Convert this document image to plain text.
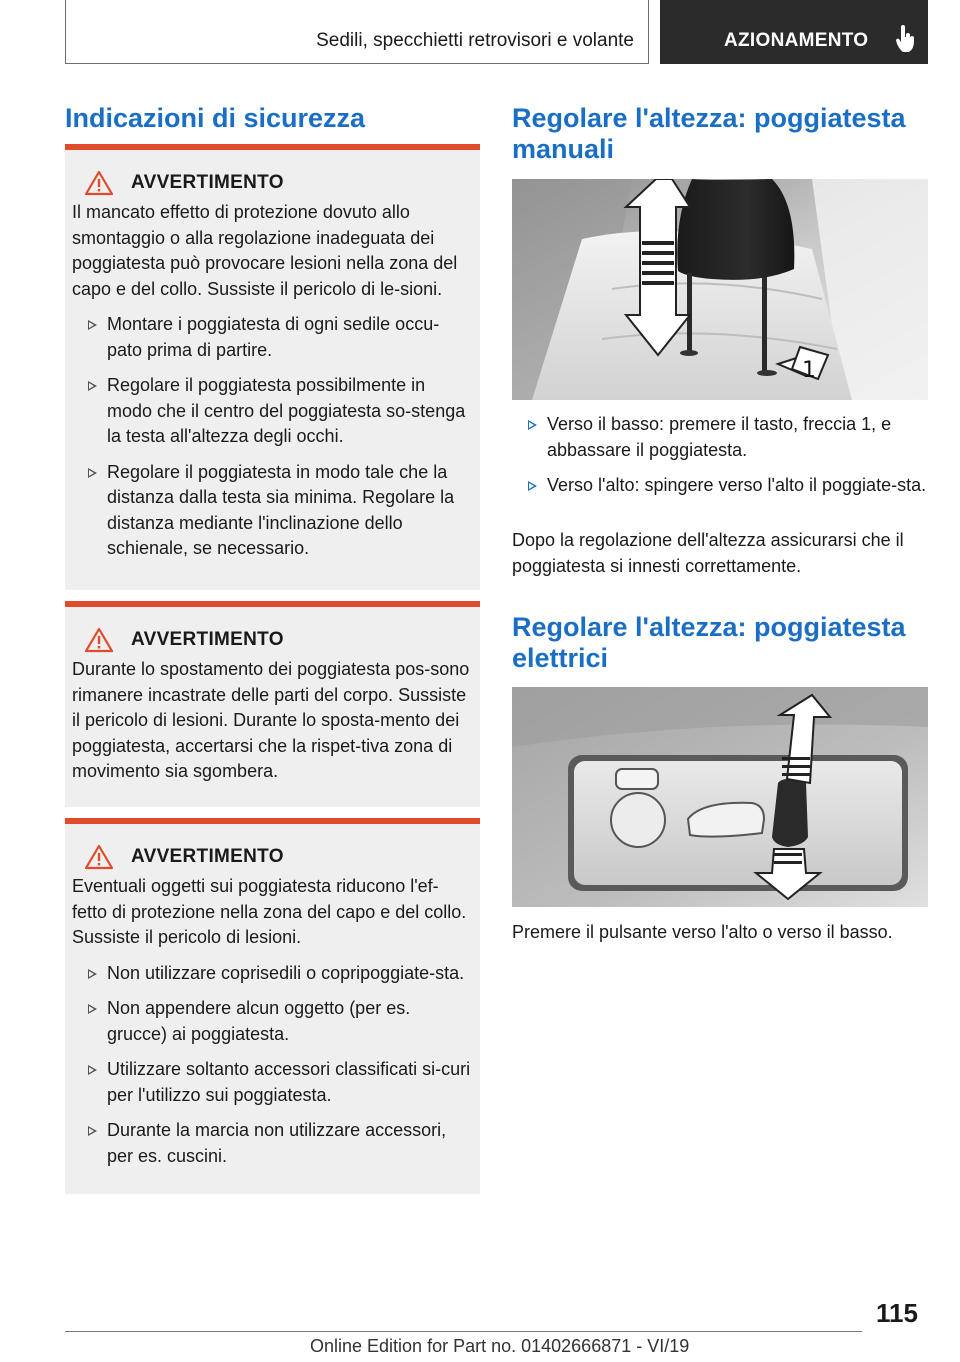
Sedili, specchietti retrovisori e volante	AZIONAMENTO
Indicazioni di sicurezza
AVVERTIMENTO

Il mancato effetto di protezione dovuto allo smontaggio o alla regolazione inadeguata dei poggiatesta può provocare lesioni nella zona del capo e del collo. Sussiste il pericolo di le-sioni.

Montare i poggiatesta di ogni sedile occu-pato prima di partire.
Regolare il poggiatesta possibilmente in modo che il centro del poggiatesta so-stenga la testa all'altezza degli occhi.
Regolare il poggiatesta in modo tale che la distanza dalla testa sia minima. Regolare la distanza mediante l'inclinazione dello schienale, se necessario.
AVVERTIMENTO

Durante lo spostamento dei poggiatesta pos-sono rimanere incastrate delle parti del corpo. Sussiste il pericolo di lesioni. Durante lo sposta-mento dei poggiatesta, accertarsi che la rispet-tiva zona di movimento sia sgombera.

AVVERTIMENTO

Eventuali oggetti sui poggiatesta riducono l'ef-fetto di protezione nella zona del capo e del collo. Sussiste il pericolo di lesioni.

Non utilizzare coprisedili o copripoggiate-sta.
Non appendere alcun oggetto (per es. grucce) ai poggiatesta.
Utilizzare soltanto accessori classificati si-curi per l'utilizzo sui poggiatesta.
Durante la marcia non utilizzare accessori, per es. cuscini.
Regolare l'altezza: poggiatesta
manuali
1
Verso il basso: premere il tasto, freccia 1, e abbassare il poggiatesta.
Verso l'alto: spingere verso l'alto il poggiate-sta.

Dopo la regolazione dell'altezza assicurarsi che il poggiatesta si innesti correttamente.

Regolare l'altezza: poggiatesta
elettrici

Premere il pulsante verso l'alto o verso il basso.

115
Online Edition for Part no. 01402666871 - VI/19
